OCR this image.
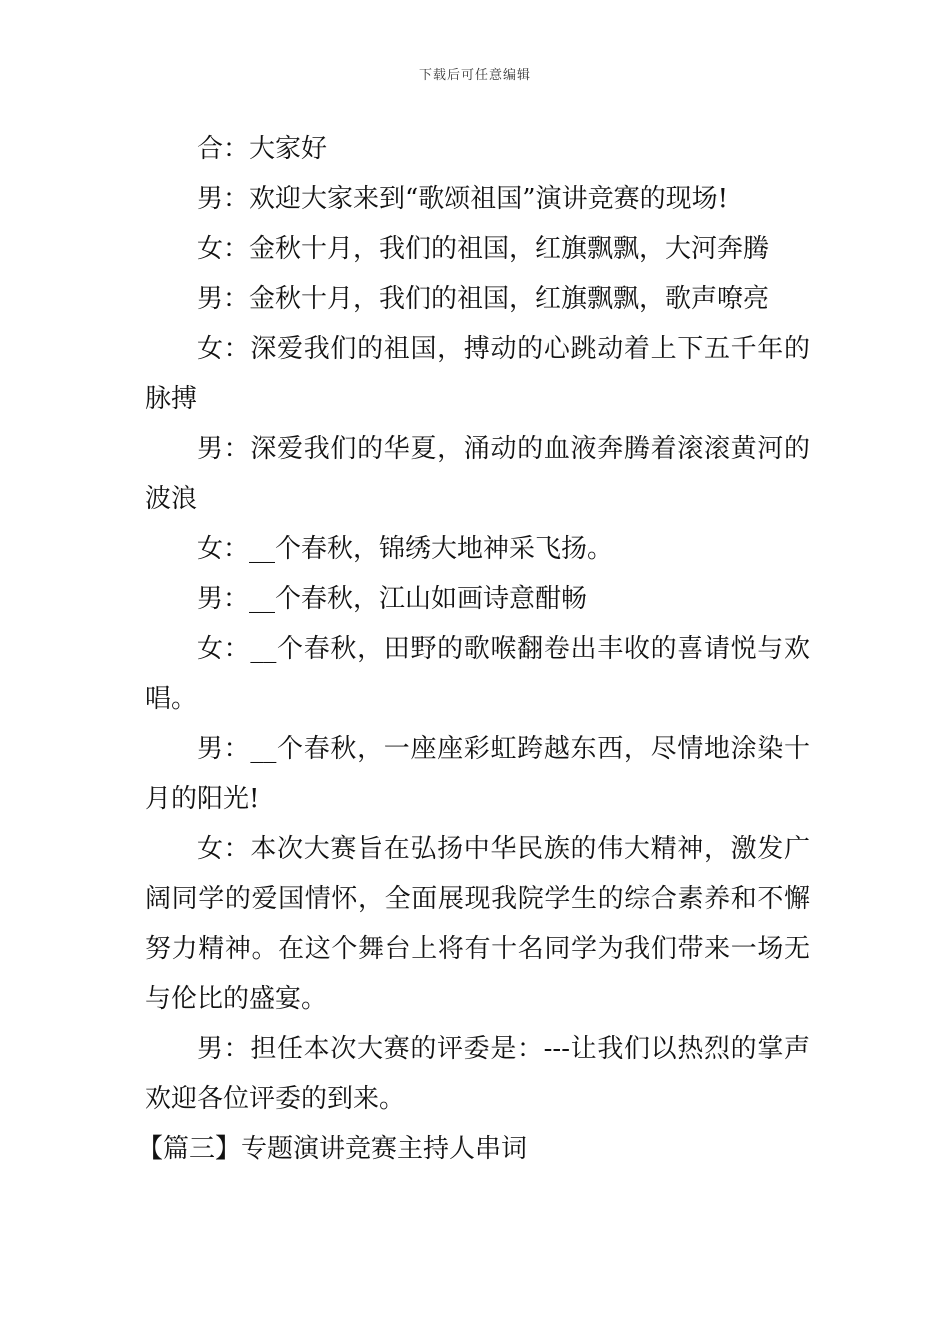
下载后可任意编辑

合：大家好

男：欢迎大家来到“歌颂祖国”演讲竞赛的现场!

女：金秋十月，我们的祖国，红旗飘飘，大河奔腾

男：金秋十月，我们的祖国，红旗飘飘，歌声嘹亮

女：深爱我们的祖国，搏动的心跳动着上下五千年的脉搏

男：深爱我们的华夏，涌动的血液奔腾着滚滚黄河的波浪

女：__个春秋，锦绣大地神采飞扬。

男：__个春秋，江山如画诗意酣畅

女：__个春秋，田野的歌喉翻卷出丰收的喜请悦与欢唱。

男：__个春秋，一座座彩虹跨越东西，尽情地涂染十月的阳光!

女：本次大赛旨在弘扬中华民族的伟大精神，激发广阔同学的爱国情怀，全面展现我院学生的综合素养和不懈努力精神。在这个舞台上将有十名同学为我们带来一场无与伦比的盛宴。

男：担任本次大赛的评委是：---让我们以热烈的掌声欢迎各位评委的到来。

【篇三】专题演讲竞赛主持人串词
